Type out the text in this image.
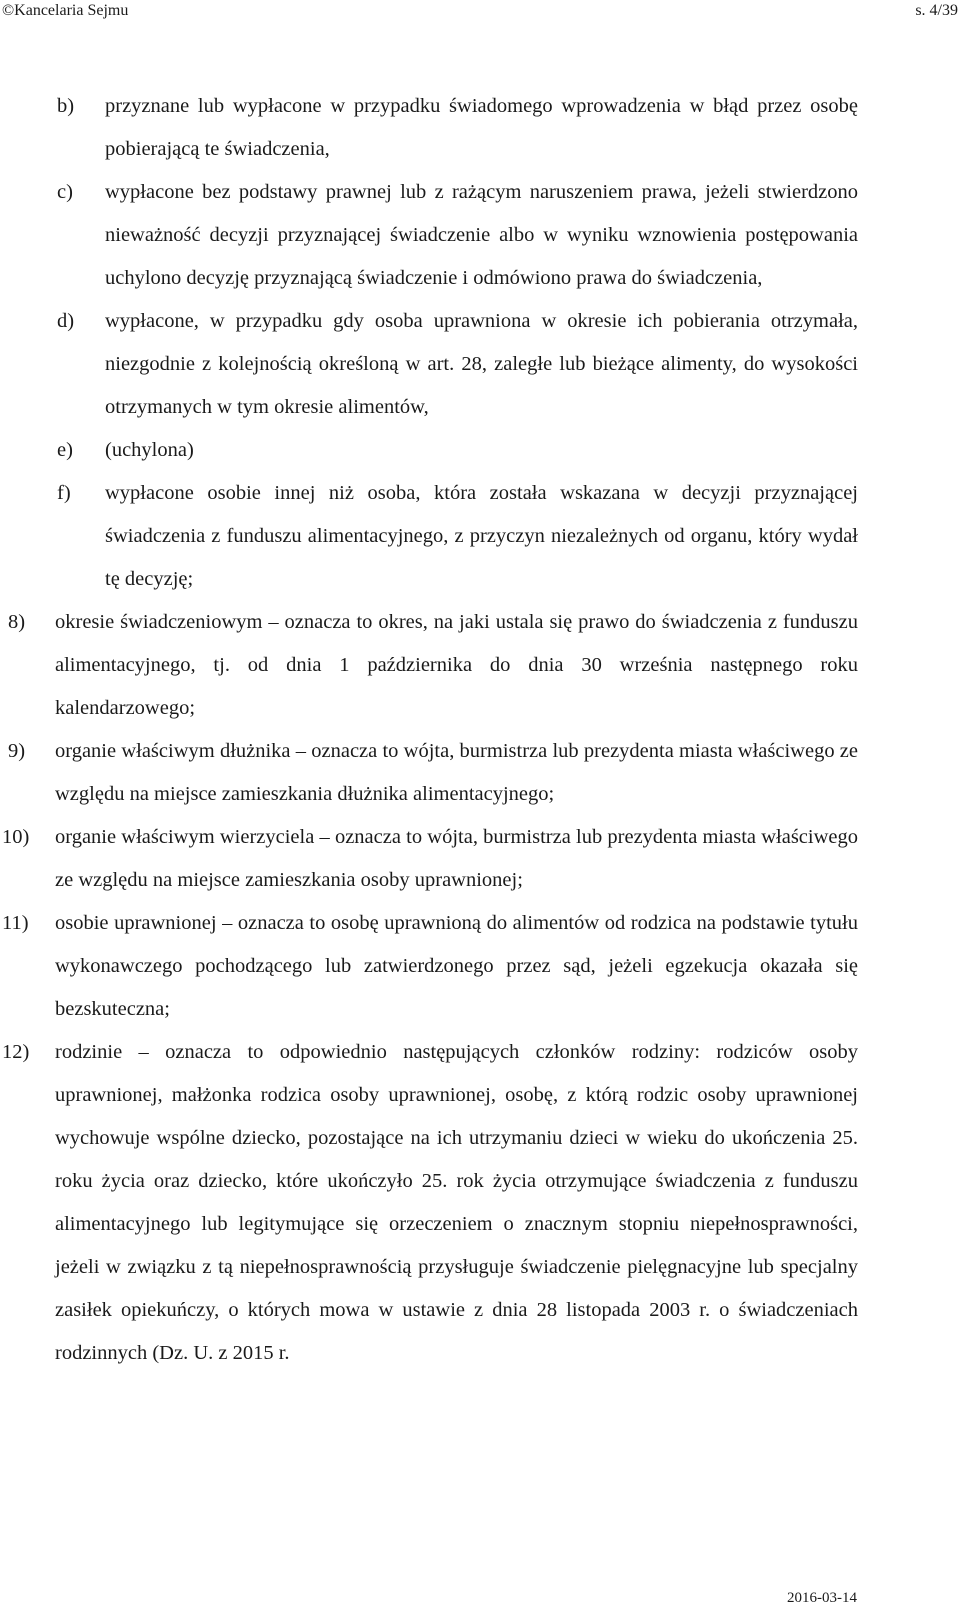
©Kancelaria Sejmu	s. 4/39
b) przyznane lub wypłacone w przypadku świadomego wprowadzenia w błąd przez osobę pobierającą te świadczenia,
c) wypłacone bez podstawy prawnej lub z rażącym naruszeniem prawa, jeżeli stwierdzono nieważność decyzji przyznającej świadczenie albo w wyniku wznowienia postępowania uchylono decyzję przyznającą świadczenie i odmówiono prawa do świadczenia,
d) wypłacone, w przypadku gdy osoba uprawniona w okresie ich pobierania otrzymała, niezgodnie z kolejnością określoną w art. 28, zaległe lub bieżące alimenty, do wysokości otrzymanych w tym okresie alimentów,
e) (uchylona)
f) wypłacone osobie innej niż osoba, która została wskazana w decyzji przyznającej świadczenia z funduszu alimentacyjnego, z przyczyn niezależnych od organu, który wydał tę decyzję;
8) okresie świadczeniowym – oznacza to okres, na jaki ustala się prawo do świadczenia z funduszu alimentacyjnego, tj. od dnia 1 października do dnia 30 września następnego roku kalendarzowego;
9) organie właściwym dłużnika – oznacza to wójta, burmistrza lub prezydenta miasta właściwego ze względu na miejsce zamieszkania dłużnika alimentacyjnego;
10) organie właściwym wierzyciela – oznacza to wójta, burmistrza lub prezydenta miasta właściwego ze względu na miejsce zamieszkania osoby uprawnionej;
11) osobie uprawnionej – oznacza to osobę uprawnioną do alimentów od rodzica na podstawie tytułu wykonawczego pochodzącego lub zatwierdzonego przez sąd, jeżeli egzekucja okazała się bezskuteczna;
12) rodzinie – oznacza to odpowiednio następujących członków rodziny: rodziców osoby uprawnionej, małżonka rodzica osoby uprawnionej, osobę, z którą rodzic osoby uprawnionej wychowuje wspólne dziecko, pozostające na ich utrzymaniu dzieci w wieku do ukończenia 25. roku życia oraz dziecko, które ukończyło 25. rok życia otrzymujące świadczenia z funduszu alimentacyjnego lub legitymujące się orzeczeniem o znacznym stopniu niepełnosprawności, jeżeli w związku z tą niepełnosprawnością przysługuje świadczenie pielęgnacyjne lub specjalny zasiłek opiekuńczy, o których mowa w ustawie z dnia 28 listopada 2003 r. o świadczeniach rodzinnych (Dz. U. z 2015 r.
2016-03-14
